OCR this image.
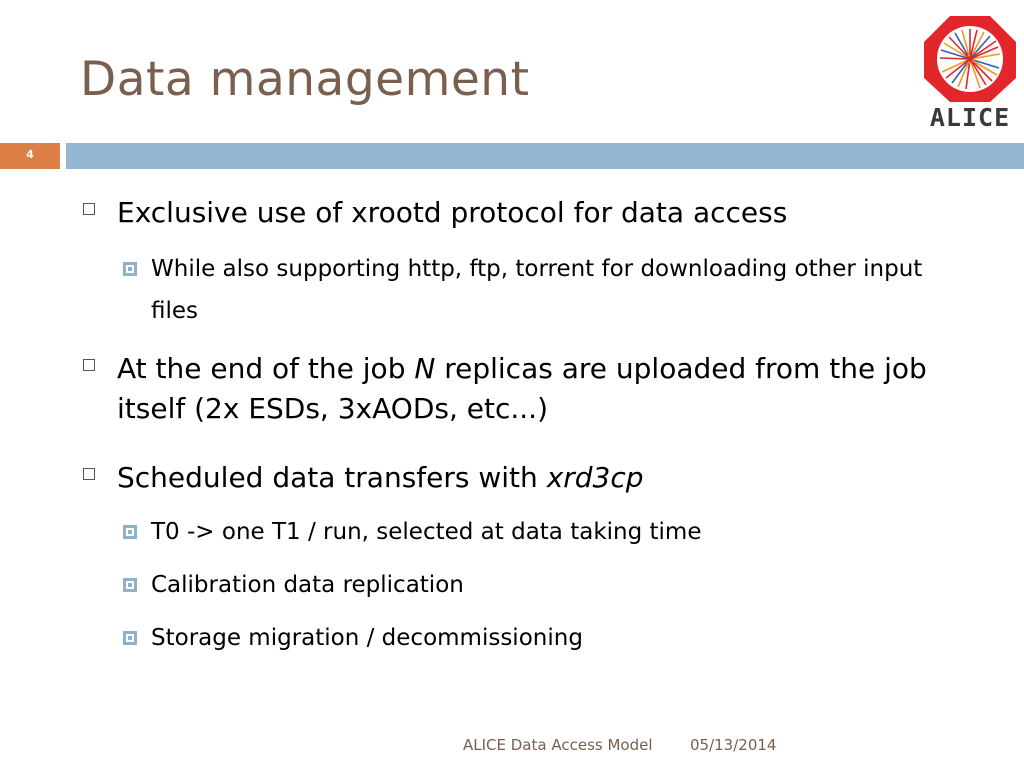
Data management
ALICE
4
Exclusive use of xrootd protocol for data access
While also supporting http, ftp, torrent for downloading other input files
At the end of the job N replicas are uploaded from the job itself (2x ESDs, 3xAODs, etc...)
Scheduled data transfers with xrd3cp
T0 -> one T1 / run, selected at data taking time
Calibration data replication
Storage migration / decommissioning
ALICE Data Access Model	05/13/2014
